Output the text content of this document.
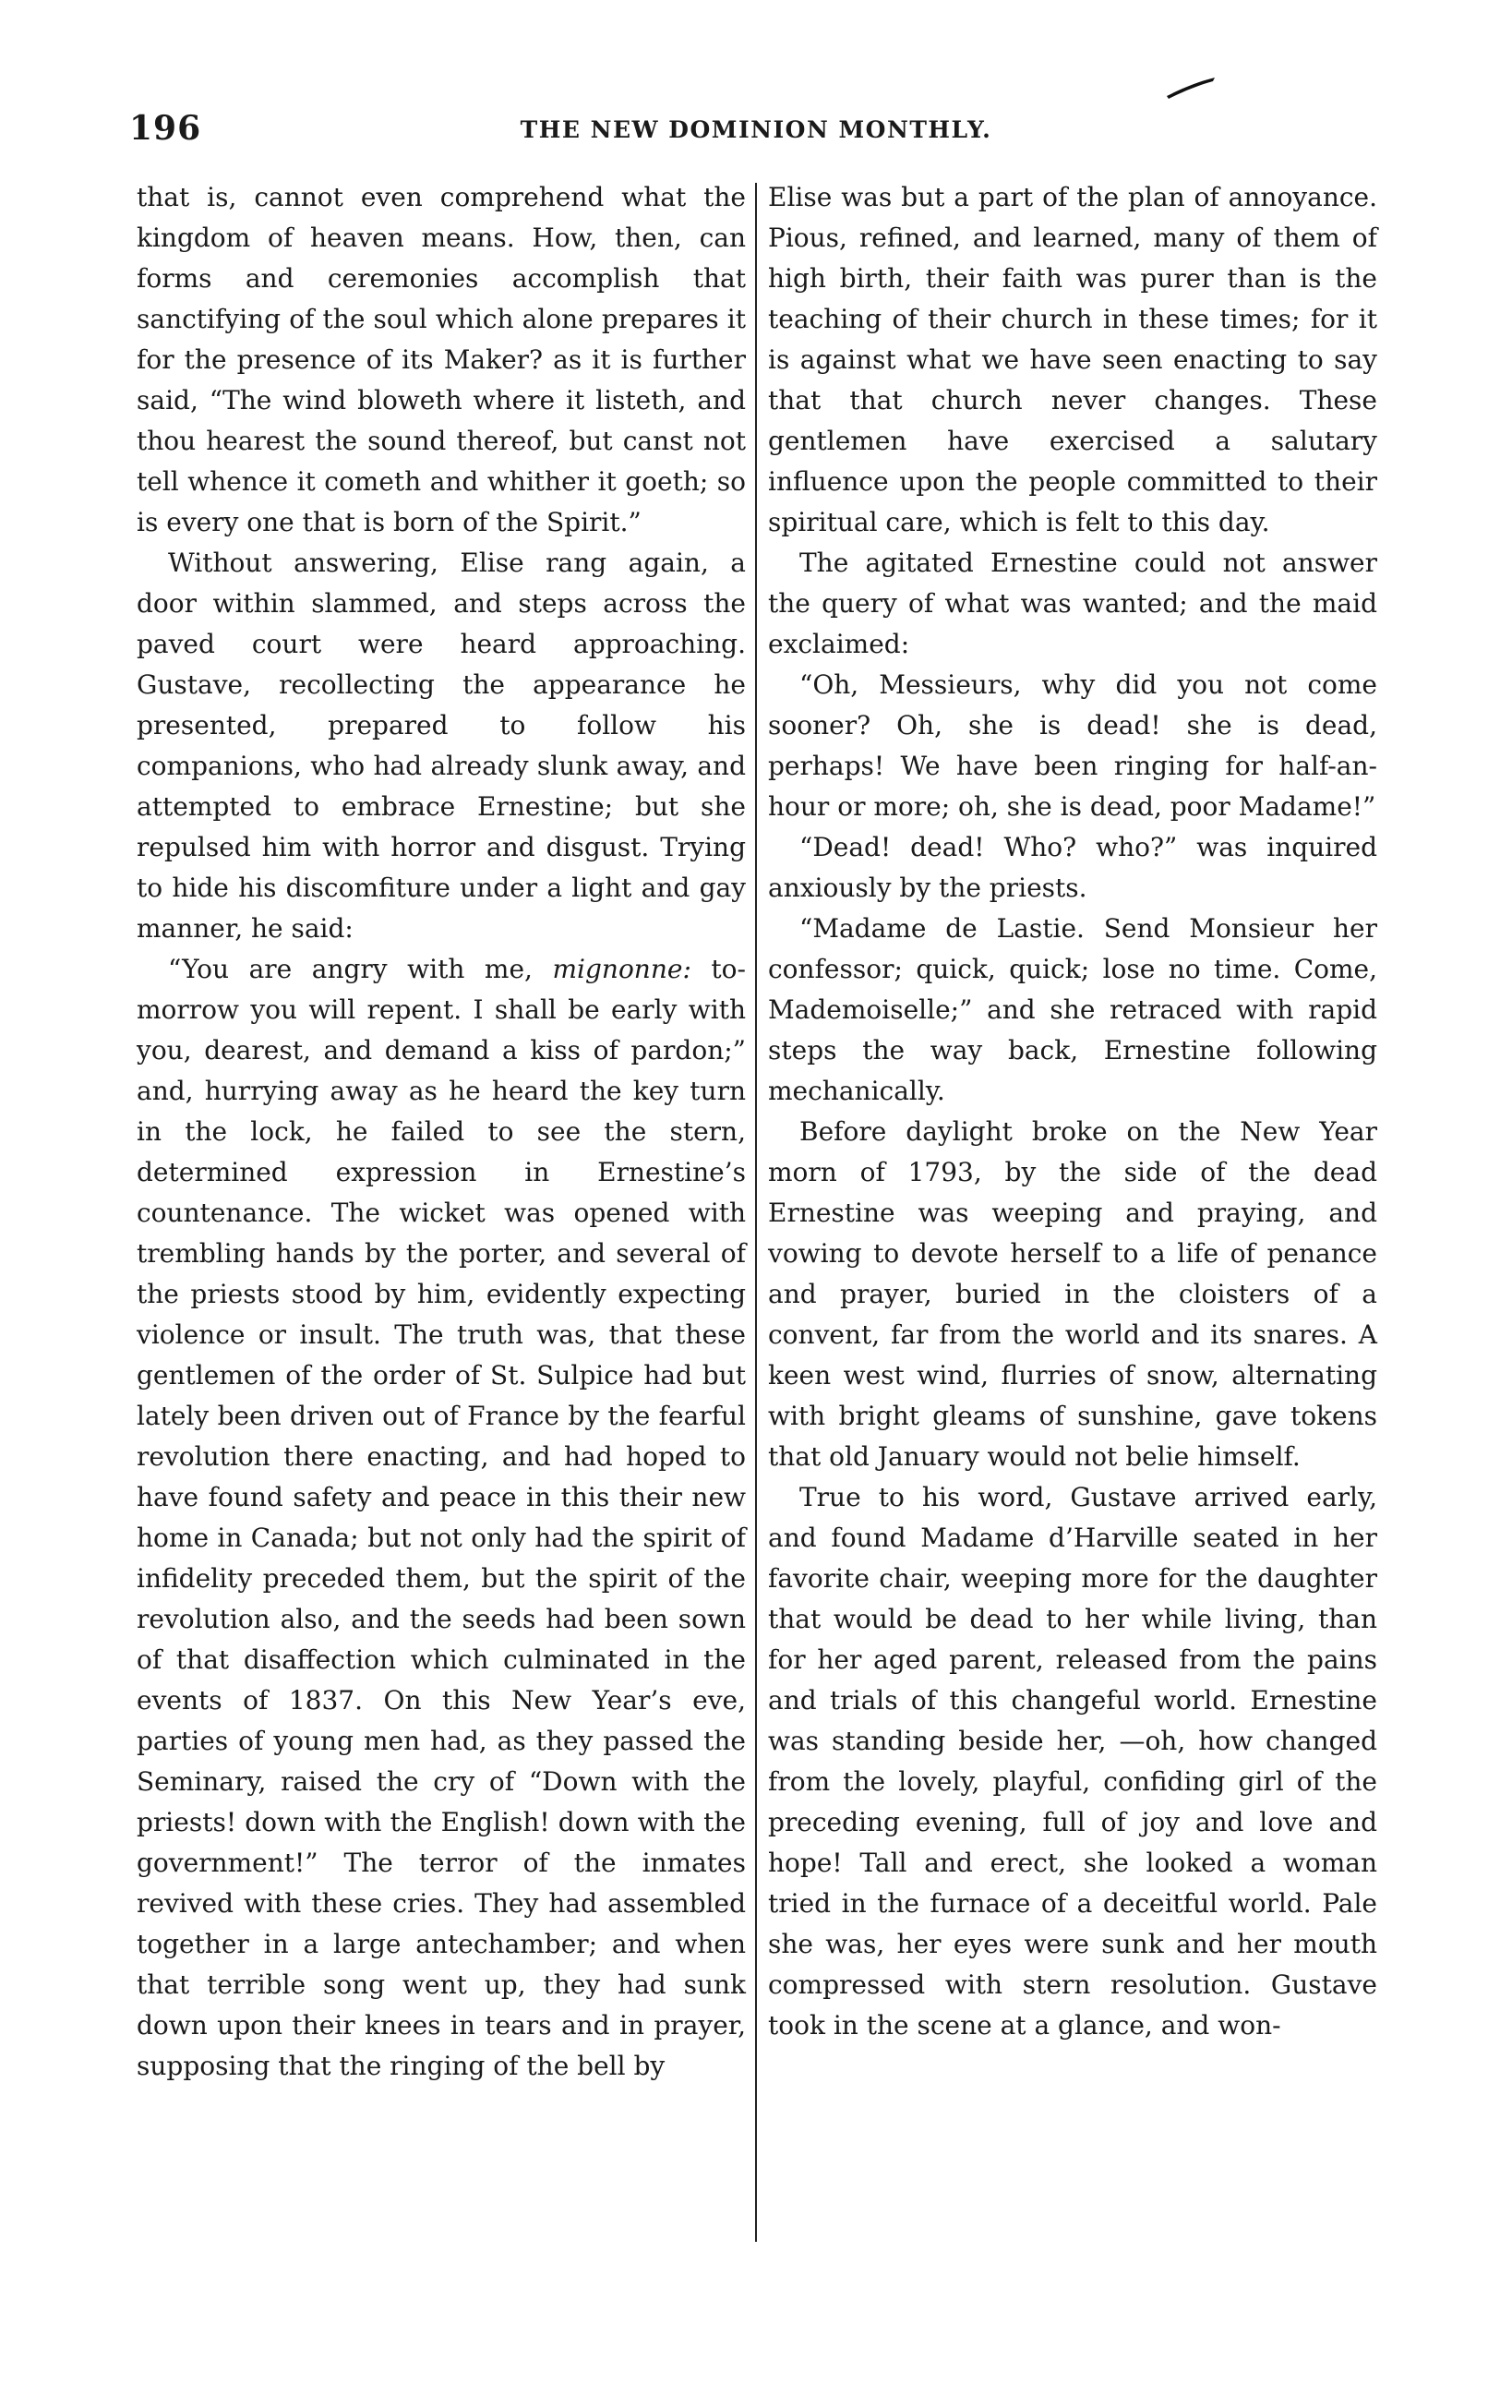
196	THE NEW DOMINION MONTHLY.

that is, cannot even comprehend what the kingdom of heaven means. How, then, can forms and ceremonies accomplish that sanctifying of the soul which alone prepares it for the presence of its Maker? as it is further said, “The wind bloweth where it listeth, and thou hearest the sound thereof, but canst not tell whence it cometh and whither it goeth; so is every one that is born of the Spirit.”

Without answering, Elise rang again, a door within slammed, and steps across the paved court were heard approaching. Gustave, recollecting the appearance he presented, prepared to follow his companions, who had already slunk away, and attempted to embrace Ernestine; but she repulsed him with horror and disgust. Trying to hide his discomfiture under a light and gay manner, he said:

“You are angry with me, mignonne: to-morrow you will repent. I shall be early with you, dearest, and demand a kiss of pardon;” and, hurrying away as he heard the key turn in the lock, he failed to see the stern, determined expression in Ernestine’s countenance. The wicket was opened with trembling hands by the porter, and several of the priests stood by him, evidently expecting violence or insult. The truth was, that these gentlemen of the order of St. Sulpice had but lately been driven out of France by the fearful revolution there enacting, and had hoped to have found safety and peace in this their new home in Canada; but not only had the spirit of infidelity preceded them, but the spirit of the revolution also, and the seeds had been sown of that disaffection which culminated in the events of 1837. On this New Year’s eve, parties of young men had, as they passed the Seminary, raised the cry of “Down with the priests! down with the English! down with the government!” The terror of the inmates revived with these cries. They had assembled together in a large antechamber; and when that terrible song went up, they had sunk down upon their knees in tears and in prayer, supposing that the ringing of the bell by

Elise was but a part of the plan of annoyance. Pious, refined, and learned, many of them of high birth, their faith was purer than is the teaching of their church in these times; for it is against what we have seen enacting to say that that church never changes. These gentlemen have exercised a salutary influence upon the people committed to their spiritual care, which is felt to this day.

The agitated Ernestine could not answer the query of what was wanted; and the maid exclaimed:

“Oh, Messieurs, why did you not come sooner? Oh, she is dead! she is dead, perhaps! We have been ringing for half-an-hour or more; oh, she is dead, poor Madame!”

“Dead! dead! Who? who?” was inquired anxiously by the priests.

“Madame de Lastie. Send Monsieur her confessor; quick, quick; lose no time. Come, Mademoiselle;” and she retraced with rapid steps the way back, Ernestine following mechanically.

Before daylight broke on the New Year morn of 1793, by the side of the dead Ernestine was weeping and praying, and vowing to devote herself to a life of penance and prayer, buried in the cloisters of a convent, far from the world and its snares. A keen west wind, flurries of snow, alternating with bright gleams of sunshine, gave tokens that old January would not belie himself.

True to his word, Gustave arrived early, and found Madame d’Harville seated in her favorite chair, weeping more for the daughter that would be dead to her while living, than for her aged parent, released from the pains and trials of this changeful world. Ernestine was standing beside her, —oh, how changed from the lovely, playful, confiding girl of the preceding evening, full of joy and love and hope! Tall and erect, she looked a woman tried in the furnace of a deceitful world. Pale she was, her eyes were sunk and her mouth compressed with stern resolution. Gustave took in the scene at a glance, and won-
